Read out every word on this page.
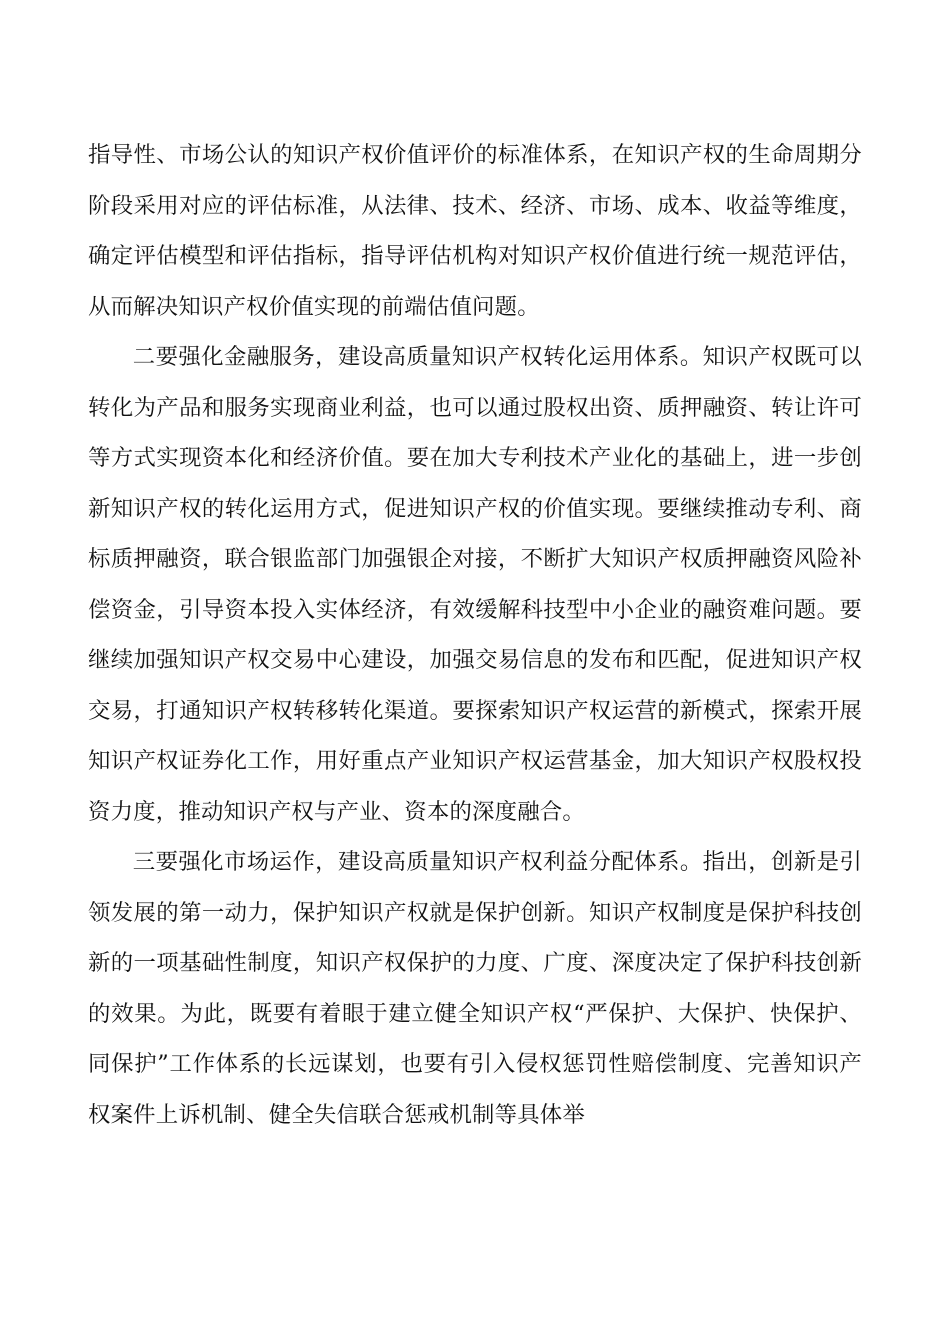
指导性、市场公认的知识产权价值评价的标准体系，在知识产权的生命周期分阶段采用对应的评估标准，从法律、技术、经济、市场、成本、收益等维度，确定评估模型和评估指标，指导评估机构对知识产权价值进行统一规范评估，从而解决知识产权价值实现的前端估值问题。

二要强化金融服务，建设高质量知识产权转化运用体系。知识产权既可以转化为产品和服务实现商业利益，也可以通过股权出资、质押融资、转让许可等方式实现资本化和经济价值。要在加大专利技术产业化的基础上，进一步创新知识产权的转化运用方式，促进知识产权的价值实现。要继续推动专利、商标质押融资，联合银监部门加强银企对接，不断扩大知识产权质押融资风险补偿资金，引导资本投入实体经济，有效缓解科技型中小企业的融资难问题。要继续加强知识产权交易中心建设，加强交易信息的发布和匹配，促进知识产权交易，打通知识产权转移转化渠道。要探索知识产权运营的新模式，探索开展知识产权证券化工作，用好重点产业知识产权运营基金，加大知识产权股权投资力度，推动知识产权与产业、资本的深度融合。

三要强化市场运作，建设高质量知识产权利益分配体系。指出，创新是引领发展的第一动力，保护知识产权就是保护创新。知识产权制度是保护科技创新的一项基础性制度，知识产权保护的力度、广度、深度决定了保护科技创新的效果。为此，既要有着眼于建立健全知识产权“严保护、大保护、快保护、同保护”工作体系的长远谋划，也要有引入侵权惩罚性赔偿制度、完善知识产权案件上诉机制、健全失信联合惩戒机制等具体举
